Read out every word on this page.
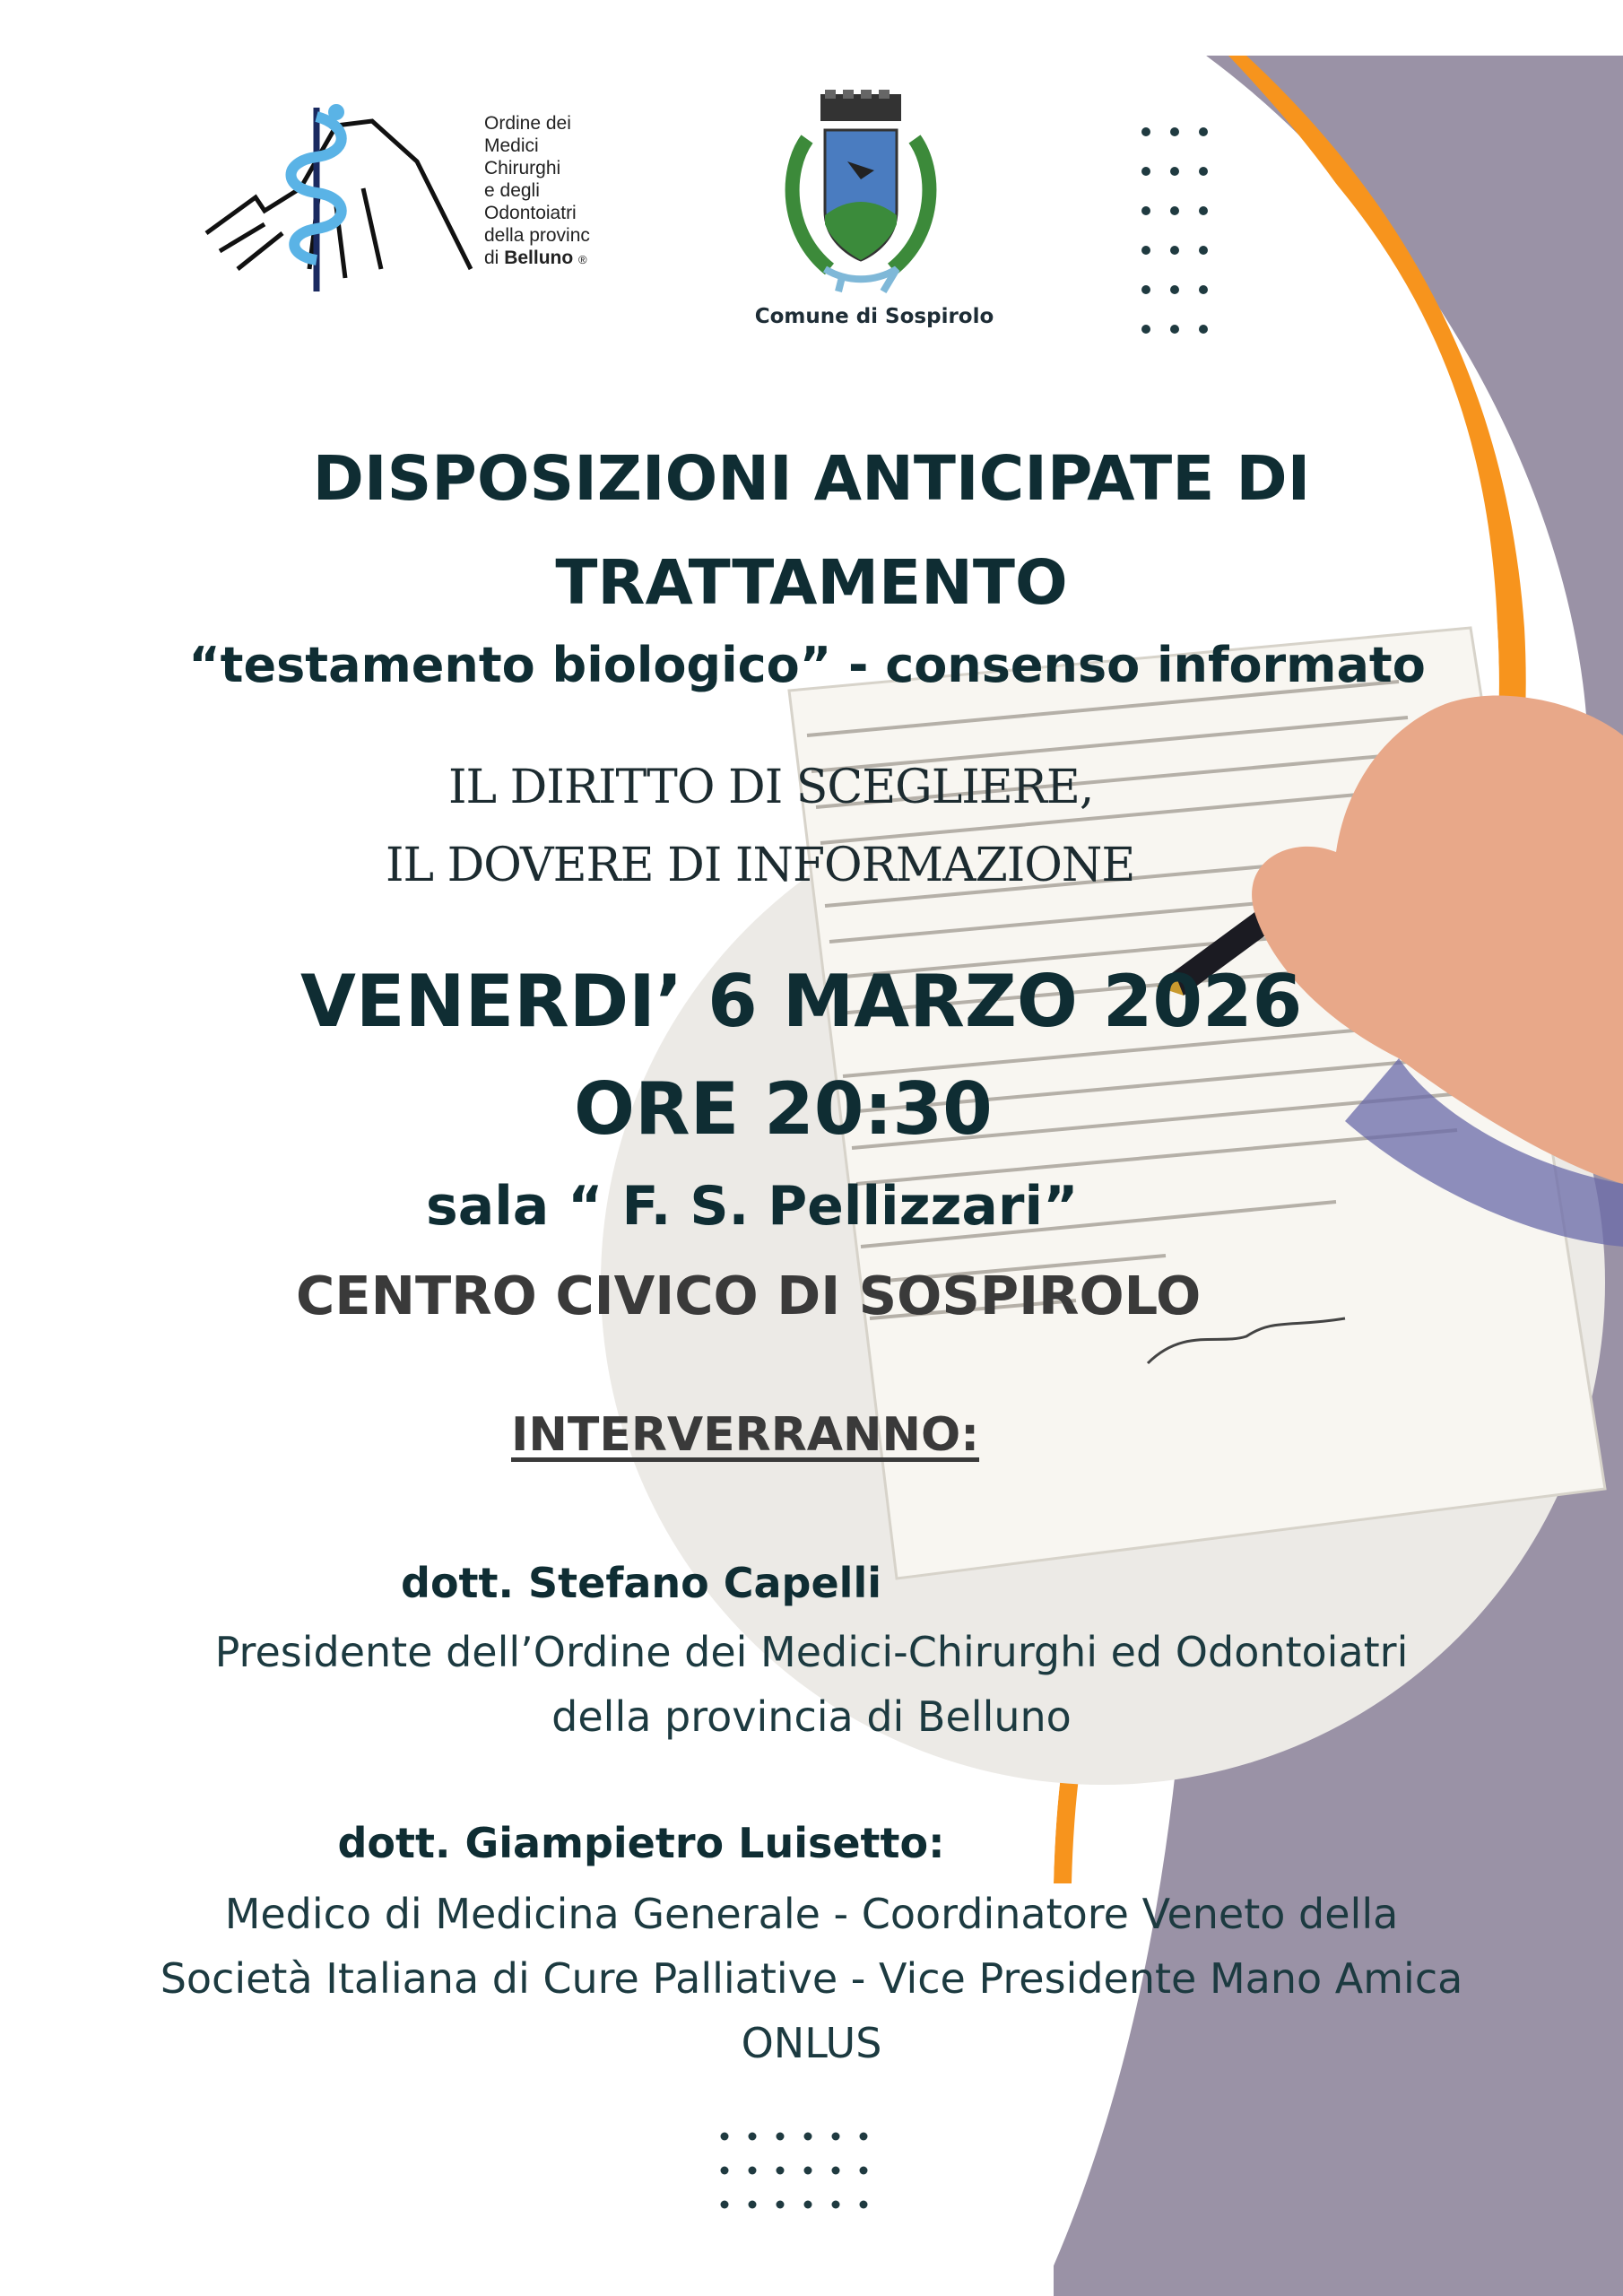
Ordine dei
Medici
Chirurghi
e degli
Odontoiatri
della provinc
di Belluno ®
Comune di Sospirolo
DISPOSIZIONI ANTICIPATE DI
TRATTAMENTO
“testamento biologico” - consenso informato
IL DIRITTO DI SCEGLIERE,
IL DOVERE DI INFORMAZIONE
VENERDI’ 6 MARZO 2026
ORE 20:30
sala “ F. S. Pellizzari”
CENTRO CIVICO DI SOSPIROLO
INTERVERRANNO:
dott. Stefano Capelli
Presidente dell’Ordine dei Medici-Chirurghi ed Odontoiatri
della provincia di Belluno
dott. Giampietro Luisetto:
Medico di Medicina Generale - Coordinatore Veneto della
Società Italiana di Cure Palliative - Vice Presidente Mano Amica
ONLUS
